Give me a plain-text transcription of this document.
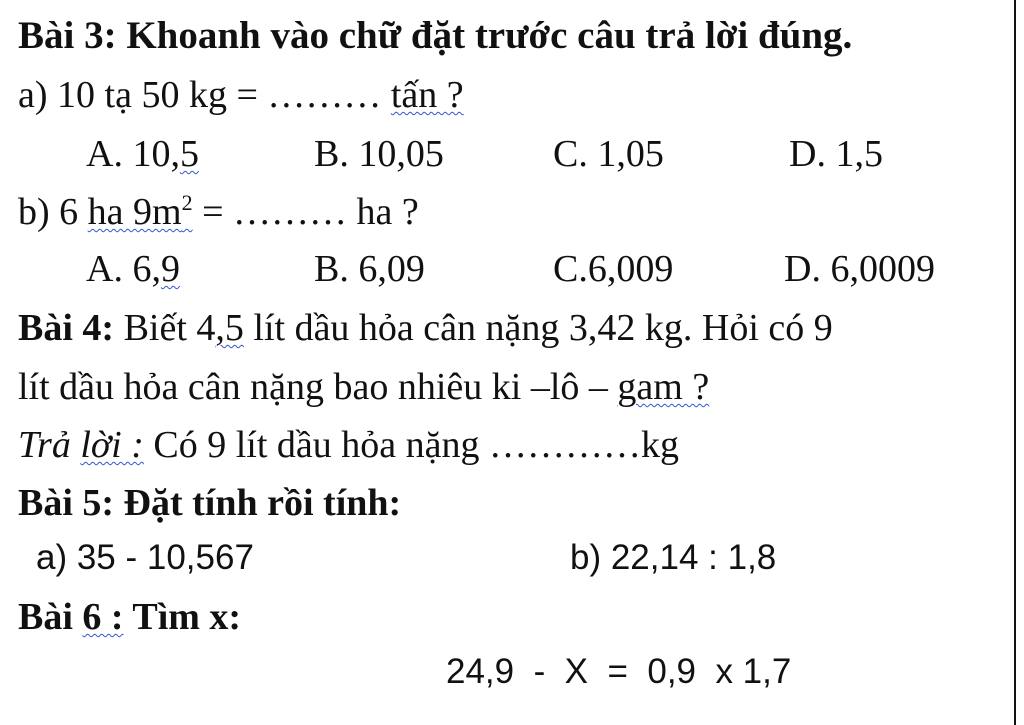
Bài 3: Khoanh vào chữ đặt trước câu trả lời đúng.
a) 10 tạ 50 kg = ……… tấn ?
A. 10,5	B. 10,05	C. 1,05	D. 1,5
b) 6 ha $9m^2$ = ……… ha ?
A. 6,9	B. 6,09	C.6,009	D. 6,0009
Bài 4: Biết 4,5 lít dầu hỏa cân nặng 3,42 kg. Hỏi có 9
lít dầu hỏa cân nặng bao nhiêu ki –lô – gam ?
Trả lời : Có 9 lít dầu hỏa nặng …………kg
Bài 5: Đặt tính rồi tính:
a) 35 - 10,567	b) 22,14 : 1,8
Bài 6 : Tìm x:
24,9  -  X  =  0,9  x 1,7
